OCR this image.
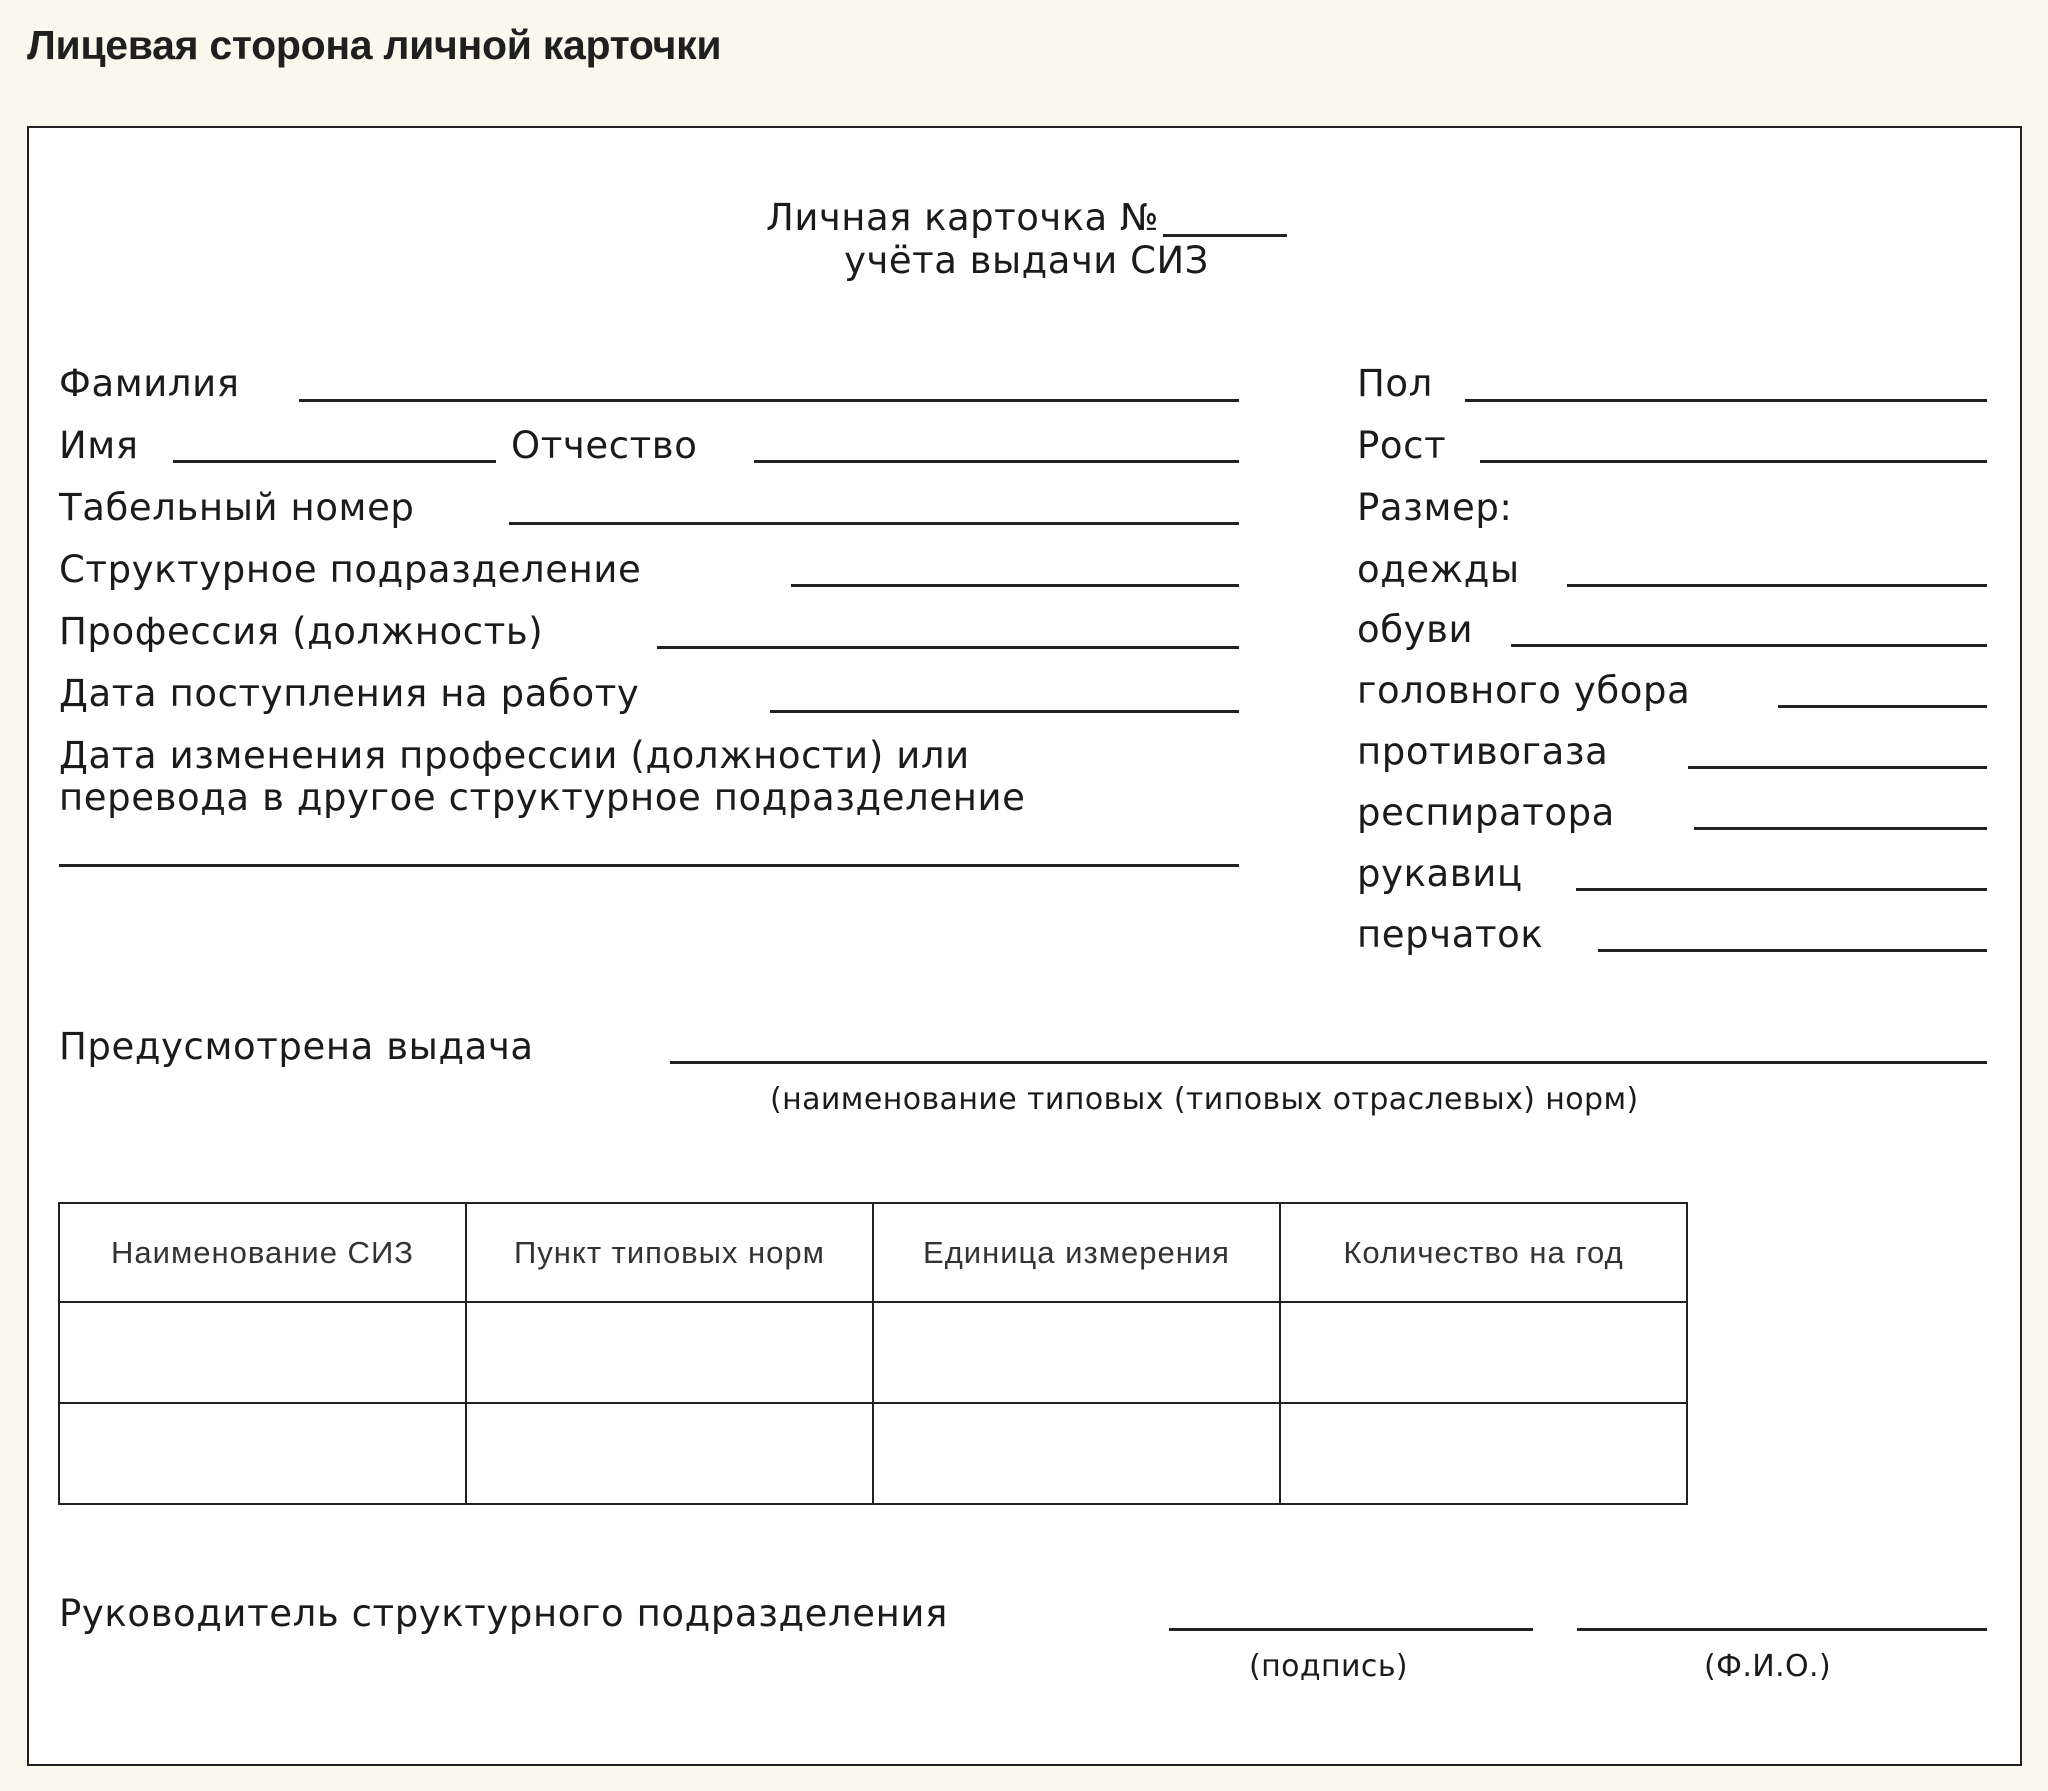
Лицевая сторона личной карточки
Личная карточка №
учёта выдачи СИЗ
Фамилия
Имя	Отчество
Табельный номер
Структурное подразделение
Профессия (должность)
Дата поступления на работу
Дата изменения профессии (должности) или
перевода в другое структурное подразделение
Пол
Рост
Размер:
одежды
обуви
головного убора
противогаза
респиратора
рукавиц
перчаток
Предусмотрена выдача
(наименование типовых (типовых отраслевых) норм)
Наименование СИЗ	Пункт типовых норм	Единица измерения	Количество на год

Руководитель структурного подразделения
(подпись)	(Ф.И.О.)
